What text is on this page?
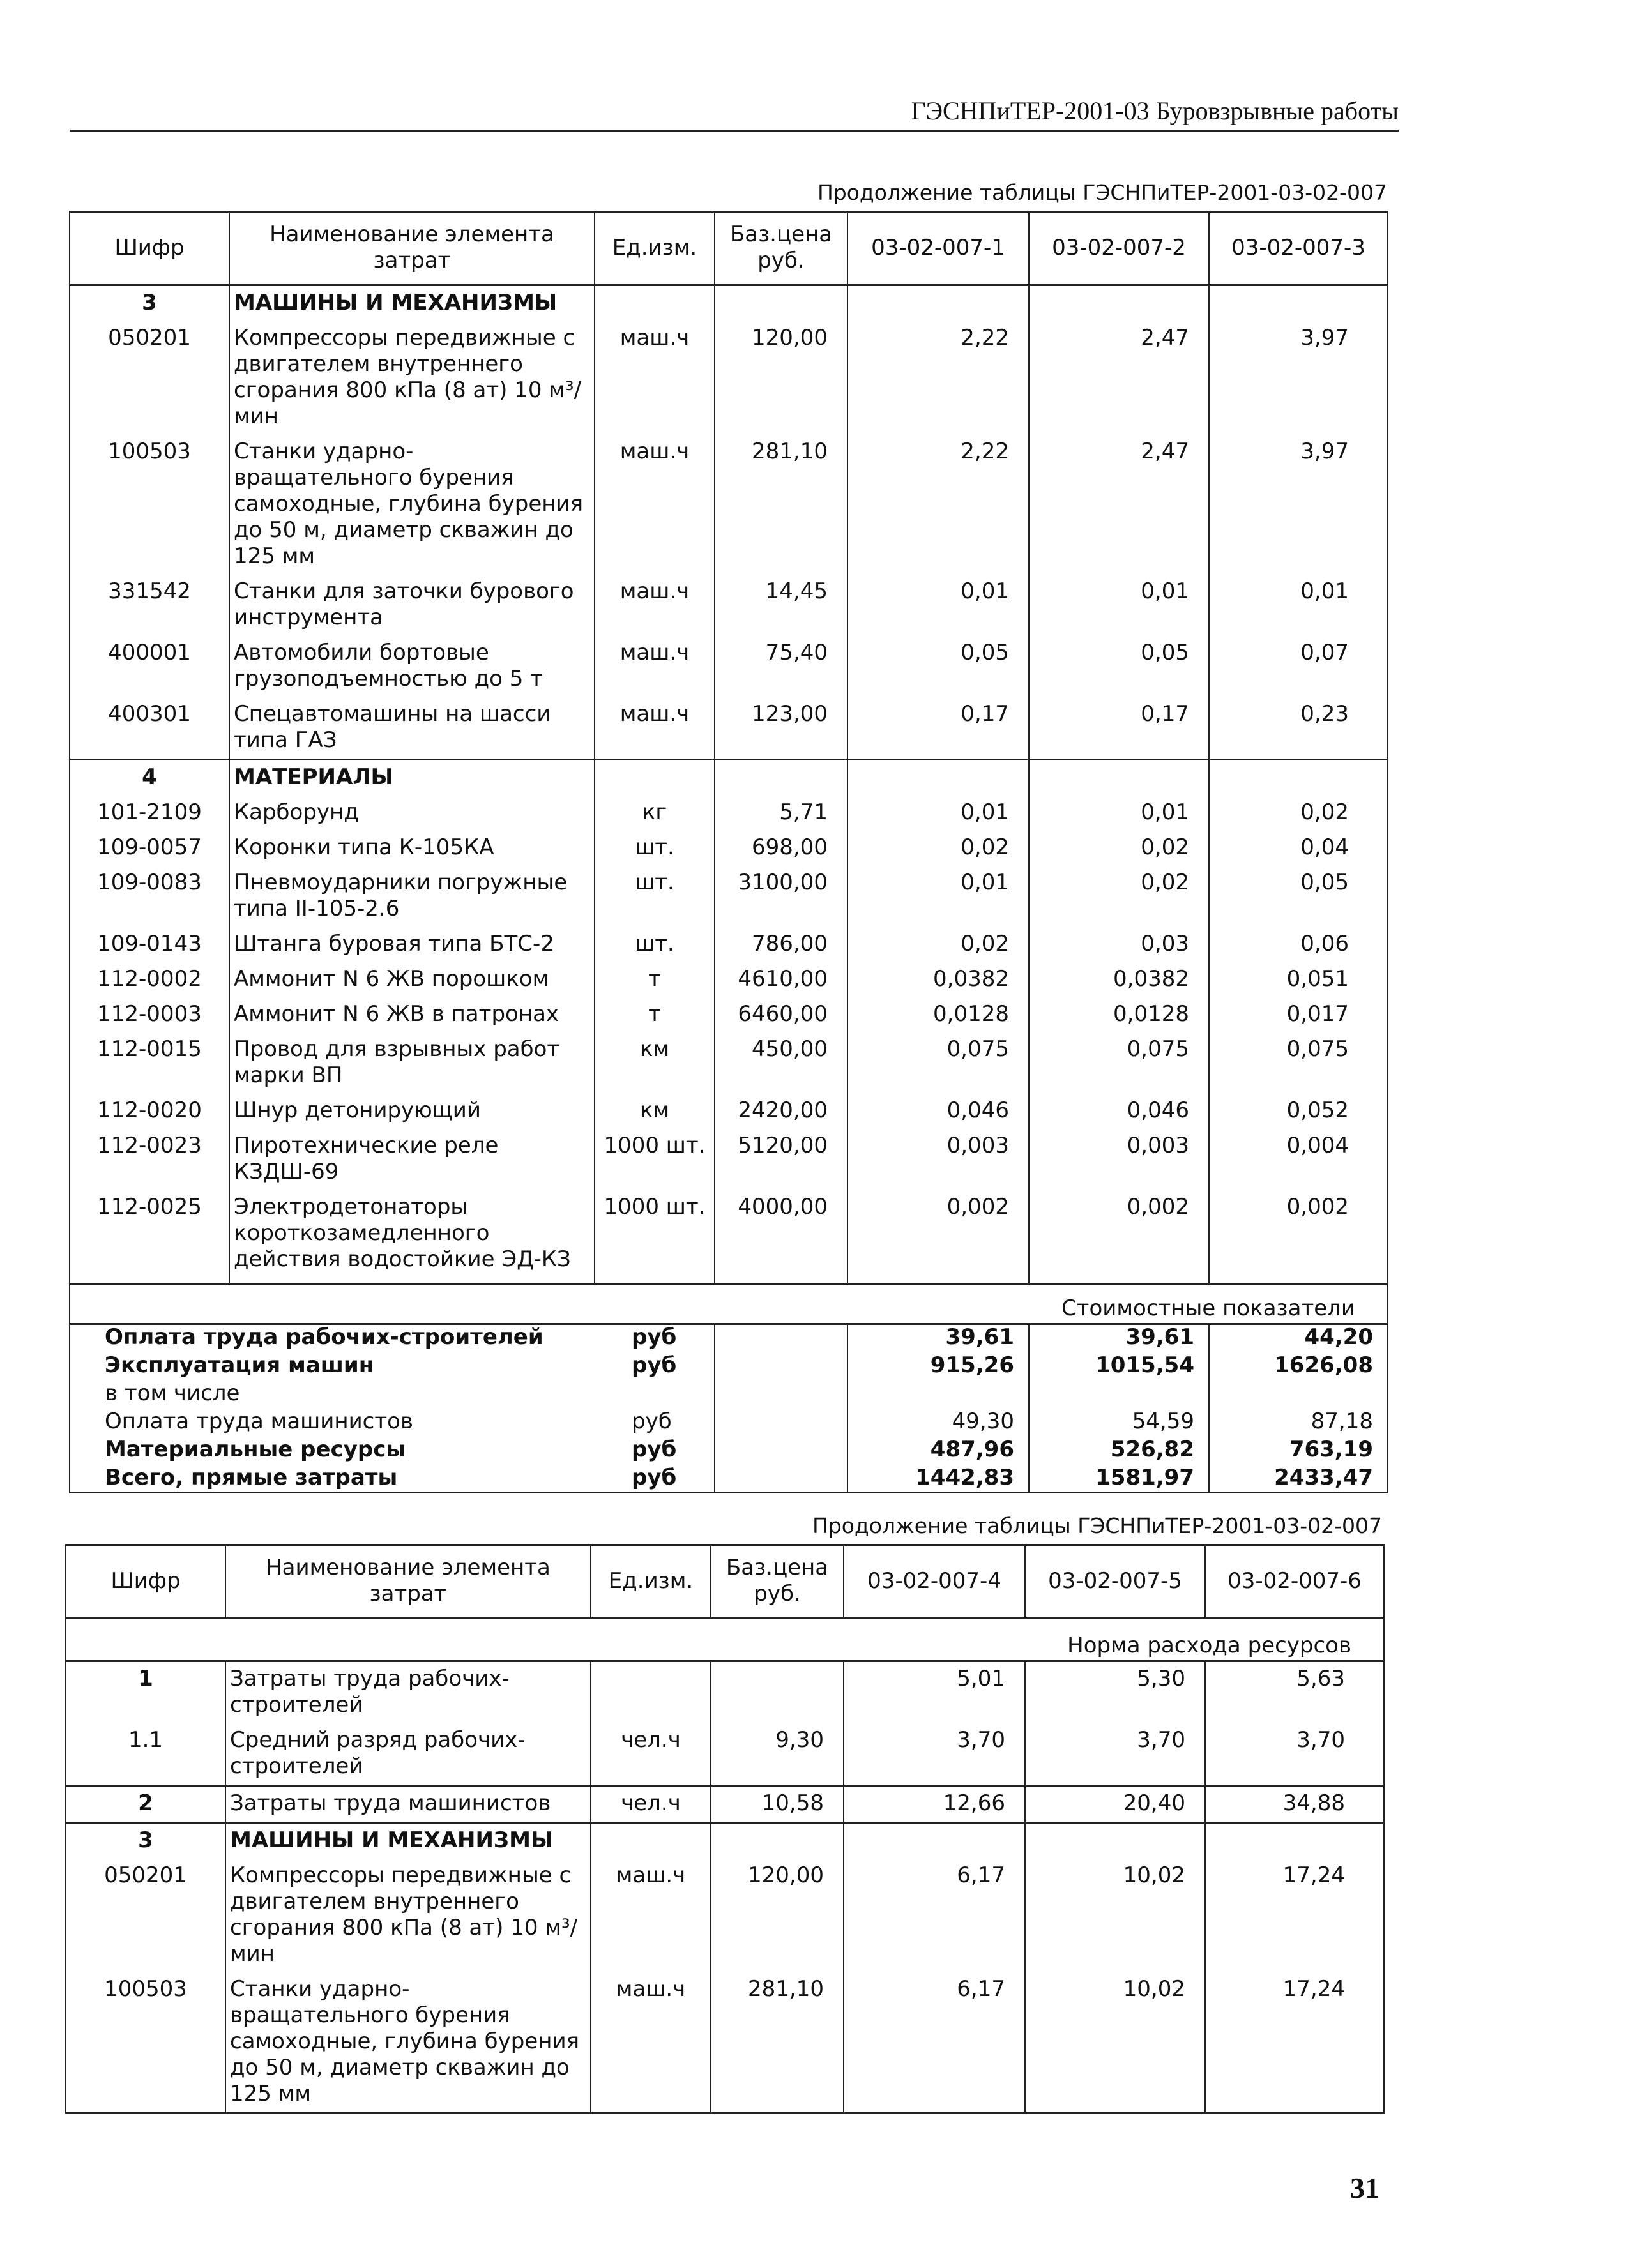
ГЭСНПиТЕР-2001-03 Буровзрывные работы
Продолжение таблицы ГЭСНПиТЕР-2001-03-02-007
Шифр	Наименование элемента затрат	Ед.изм.	Баз.цена руб.	03-02-007-1	03-02-007-2	03-02-007-3
3	МАШИНЫ И МЕХАНИЗМЫ					
050201	Компрессоры передвижные с двигателем внутреннего сгорания 800 кПа (8 ат) 10 м³/мин	маш.ч	120,00	2,22	2,47	3,97
100503	Станки ударно-вращательного бурения самоходные, глубина бурения до 50 м, диаметр скважин до 125 мм	маш.ч	281,10	2,22	2,47	3,97
331542	Станки для заточки бурового инструмента	маш.ч	14,45	0,01	0,01	0,01
400001	Автомобили бортовые грузоподъемностью до 5 т	маш.ч	75,40	0,05	0,05	0,07
400301	Спецавтомашины на шасси типа ГАЗ	маш.ч	123,00	0,17	0,17	0,23
4	МАТЕРИАЛЫ					
101-2109	Карборунд	кг	5,71	0,01	0,01	0,02
109-0057	Коронки типа К-105КА	шт.	698,00	0,02	0,02	0,04
109-0083	Пневмоударники погружные типа II-105-2.6	шт.	3100,00	0,01	0,02	0,05
109-0143	Штанга буровая типа БТС-2	шт.	786,00	0,02	0,03	0,06
112-0002	Аммонит N 6 ЖВ порошком	т	4610,00	0,0382	0,0382	0,051
112-0003	Аммонит N 6 ЖВ в патронах	т	6460,00	0,0128	0,0128	0,017
112-0015	Провод для взрывных работ марки ВП	км	450,00	0,075	0,075	0,075
112-0020	Шнур детонирующий	км	2420,00	0,046	0,046	0,052
112-0023	Пиротехнические реле КЗДШ-69	1000 шт.	5120,00	0,003	0,003	0,004
112-0025	Электродетонаторы короткозамедленного действия водостойкие ЭД-КЗ	1000 шт.	4000,00	0,002	0,002	0,002
Стоимостные показатели						
Оплата труда рабочих-строителей	руб		39,61	39,61	44,20
Эксплуатация машин	руб		915,26	1015,54	1626,08
в том числе					
Оплата труда машинистов	руб		49,30	54,59	87,18
Материальные ресурсы	руб		487,96	526,82	763,19
Всего, прямые затраты	руб		1442,83	1581,97	2433,47
Продолжение таблицы ГЭСНПиТЕР-2001-03-02-007
Шифр	Наименование элемента затрат	Ед.изм.	Баз.цена руб.	03-02-007-4	03-02-007-5	03-02-007-6
Норма расхода ресурсов						
1	Затраты труда рабочих-строителей			5,01	5,30	5,63
1.1	Средний разряд рабочих-строителей	чел.ч	9,30	3,70	3,70	3,70
2	Затраты труда машинистов	чел.ч	10,58	12,66	20,40	34,88
3	МАШИНЫ И МЕХАНИЗМЫ					
050201	Компрессоры передвижные с двигателем внутреннего сгорания 800 кПа (8 ат) 10 м³/мин	маш.ч	120,00	6,17	10,02	17,24
100503	Станки ударно-вращательного бурения самоходные, глубина бурения до 50 м, диаметр скважин до 125 мм	маш.ч	281,10	6,17	10,02	17,24
31
